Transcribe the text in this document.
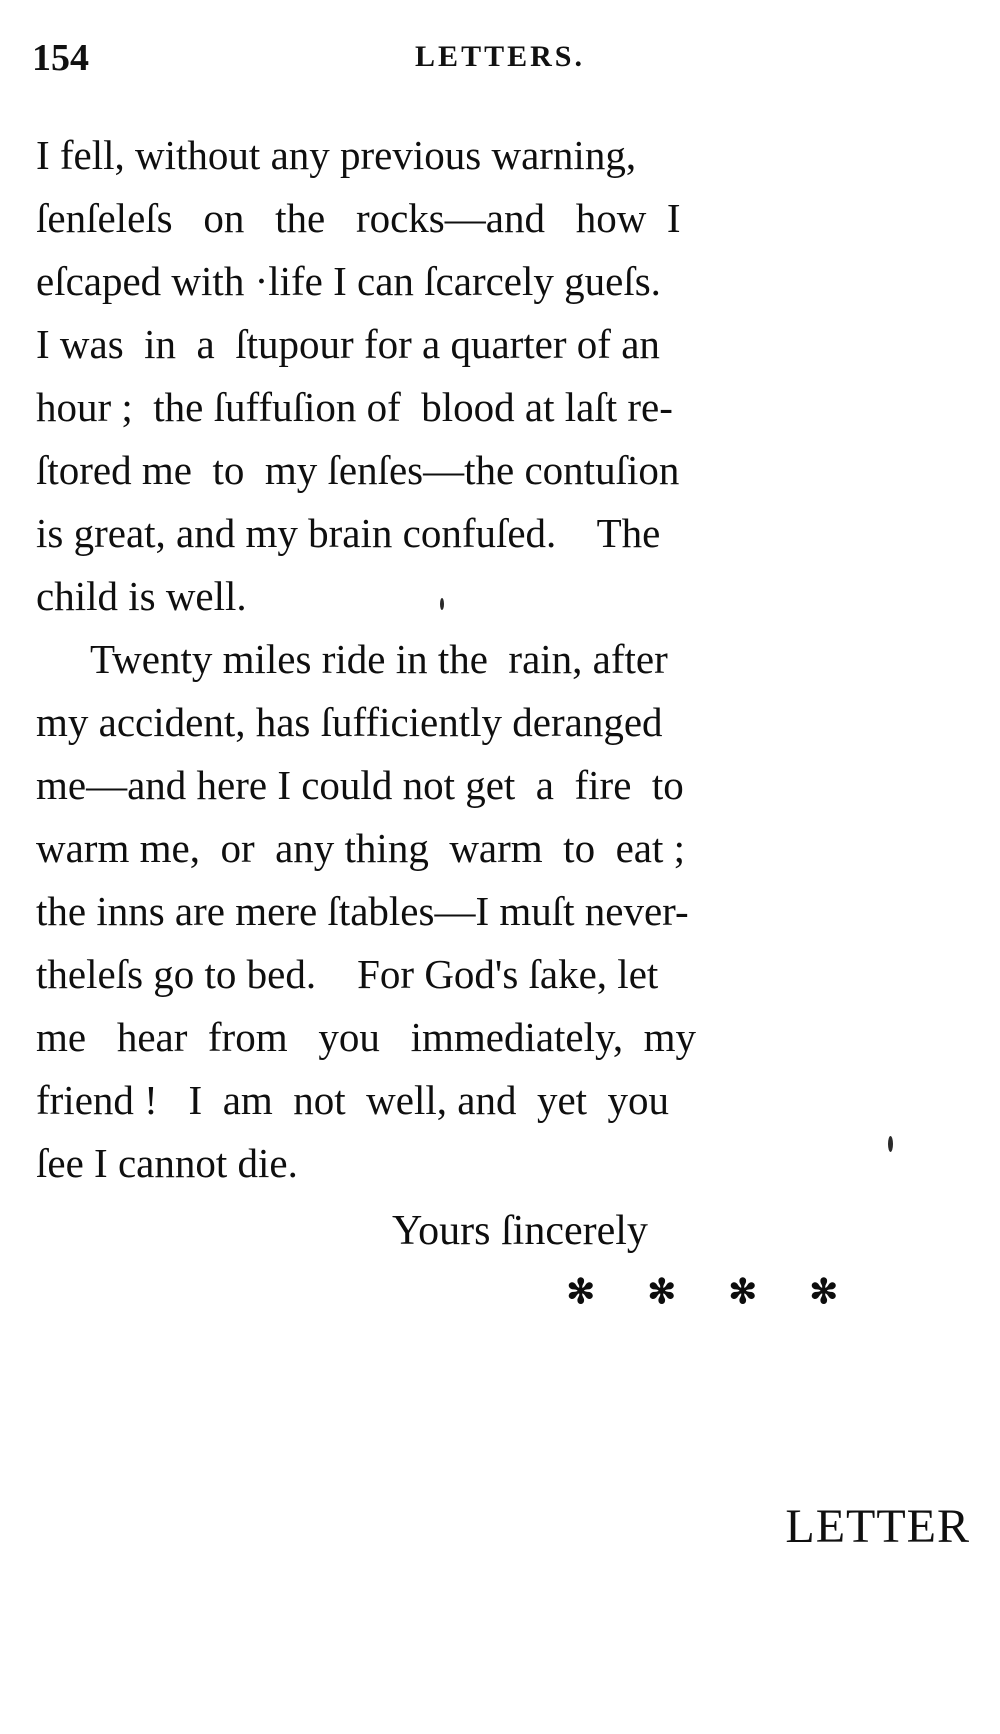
154	LETTERS.

I fell, without any previous warning,
ſenſeleſs   on   the   rocks—and   how  I
eſcaped with ·life I can ſcarcely gueſs.
I was  in  a  ſtupour for a quarter of an
hour ;  the ſuffuſion of  blood at laſt re-
ſtored me  to  my ſenſes—the contuſion
is great, and my brain confuſed.    The
child is well.

Twenty miles ride in the  rain, after
my accident, has ſufficiently deranged
me—and here I could not get  a  fire  to
warm me,  or  any thing  warm  to  eat ;
the inns are mere ſtables—I muſt never-
theleſs go to bed.    For God's ſake, let
me   hear  from   you   immediately,  my
friend !   I  am  not  well, and  yet  you
ſee I cannot die.

Yours ſincerely
✻ ✻ ✻ ✻
LETTER
